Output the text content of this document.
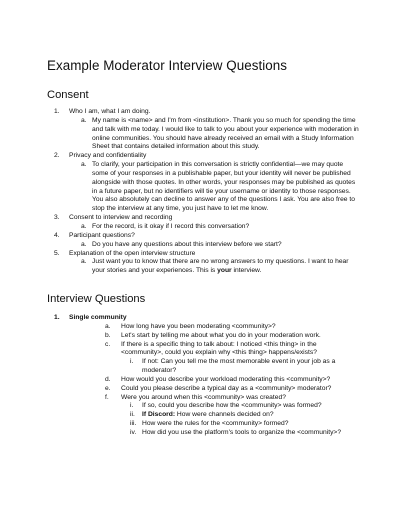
Example Moderator Interview Questions
Consent
1. Who I am, what I am doing.
a. My name is <name> and I'm from <institution>. Thank you so much for spending the time and talk with me today. I would like to talk to you about your experience with moderation in online communities. You should have already received an email with a Study Information Sheet that contains detailed information about this study.
2. Privacy and confidentiality
a. To clarify, your participation in this conversation is strictly confidential—we may quote some of your responses in a publishable paper, but your identity will never be published alongside with those quotes. In other words, your responses may be published as quotes in a future paper, but no identifiers will tie your username or identity to those responses. You also absolutely can decline to answer any of the questions I ask. You are also free to stop the interview at any time, you just have to let me know.
3. Consent to interview and recording
a. For the record, is it okay if I record this conversation?
4. Participant questions?
a. Do you have any questions about this interview before we start?
5. Explanation of the open interview structure
a. Just want you to know that there are no wrong answers to my questions. I want to hear your stories and your experiences. This is your interview.
Interview Questions
1. Single community
a. How long have you been moderating <community>?
b. Let's start by telling me about what you do in your moderation work.
c. If there is a specific thing to talk about: I noticed <this thing> in the <community>, could you explain why <this thing> happens/exists?
i. If not: Can you tell me the most memorable event in your job as a moderator?
d. How would you describe your workload moderating this <community>?
e. Could you please describe a typical day as a <community> moderator?
f. Were you around when this <community> was created?
i. If so, could you describe how the <community> was formed?
ii. If Discord: How were channels decided on?
iii. How were the rules for the <community> formed?
iv. How did you use the platform's tools to organize the <community>?
